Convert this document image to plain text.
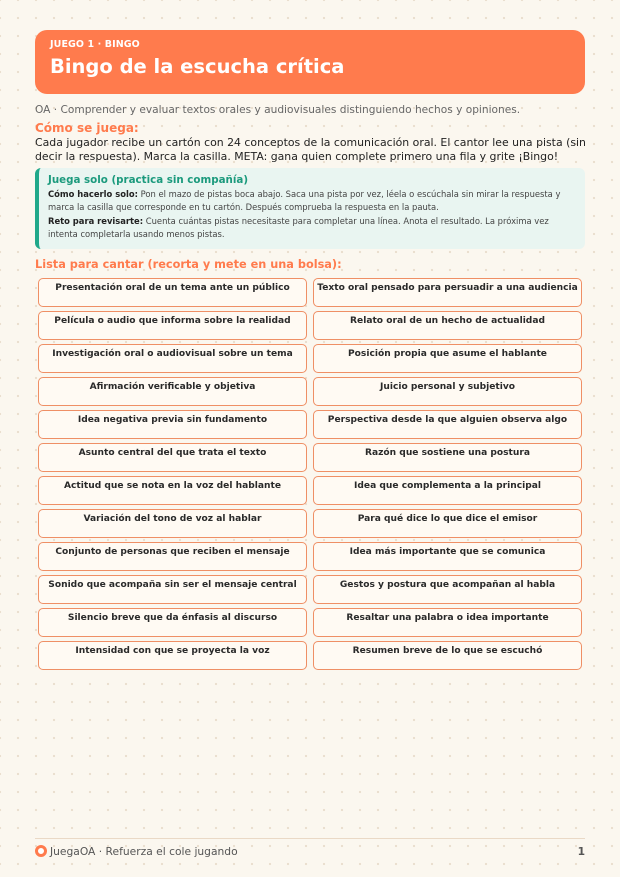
JUEGO 1 · BINGO
Bingo de la escucha crítica
OA · Comprender y evaluar textos orales y audiovisuales distinguiendo hechos y opiniones.
Cómo se juega:
Cada jugador recibe un cartón con 24 conceptos de la comunicación oral. El cantor lee una pista (sin decir la respuesta). Marca la casilla. META: gana quien complete primero una fila y grite ¡Bingo!
Juega solo (practica sin compañía)

Cómo hacerlo solo: Pon el mazo de pistas boca abajo. Saca una pista por vez, léela o escúchala sin mirar la respuesta y marca la casilla que corresponde en tu cartón. Después comprueba la respuesta en la pauta.

Reto para revisarte: Cuenta cuántas pistas necesitaste para completar una línea. Anota el resultado. La próxima vez intenta completarla usando menos pistas.

Lista para cantar (recorta y mete en una bolsa):
Presentación oral de un tema ante un público	Texto oral pensado para persuadir a una audiencia
Película o audio que informa sobre la realidad	Relato oral de un hecho de actualidad
Investigación oral o audiovisual sobre un tema	Posición propia que asume el hablante
Afirmación verificable y objetiva	Juicio personal y subjetivo
Idea negativa previa sin fundamento	Perspectiva desde la que alguien observa algo
Asunto central del que trata el texto	Razón que sostiene una postura
Actitud que se nota en la voz del hablante	Idea que complementa a la principal
Variación del tono de voz al hablar	Para qué dice lo que dice el emisor
Conjunto de personas que reciben el mensaje	Idea más importante que se comunica
Sonido que acompaña sin ser el mensaje central	Gestos y postura que acompañan al habla
Silencio breve que da énfasis al discurso	Resaltar una palabra o idea importante
Intensidad con que se proyecta la voz	Resumen breve de lo que se escuchó
JuegaOA · Refuerza el cole jugando	1
